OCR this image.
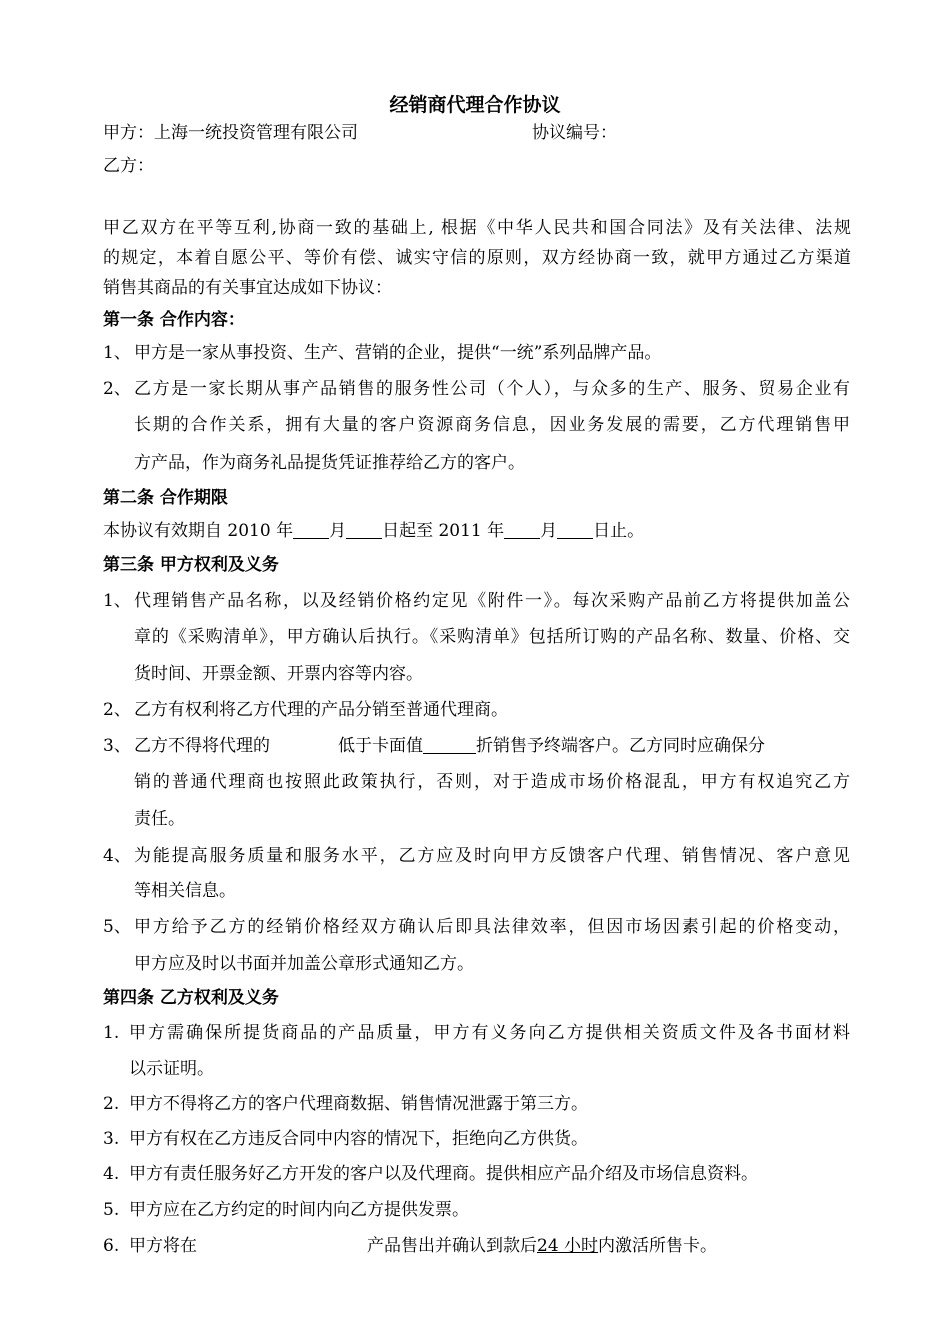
经销商代理合作协议
甲方：上海一统投资管理有限公司	协议编号：
乙方：
甲乙双方在平等互利,协商一致的基础上, 根据《中华人民共和国合同法》及有关法律、法规
的规定，本着自愿公平、等价有偿、诚实守信的原则，双方经协商一致，就甲方通过乙方渠道
销售其商品的有关事宜达成如下协议：
第一条 合作内容：
1、 甲方是一家从事投资、生产、营销的企业，提供“一统”系列品牌产品。
2、 乙方是一家长期从事产品销售的服务性公司（个人），与众多的生产、服务、贸易企业有
长期的合作关系，拥有大量的客户资源商务信息，因业务发展的需要，乙方代理销售甲
方产品，作为商务礼品提货凭证推荐给乙方的客户。
第二条 合作期限
本协议有效期自 2010 年 月 日起至 2011 年 月 日止。
第三条 甲方权利及义务
1、 代理销售产品名称，以及经销价格约定见《附件一》。每次采购产品前乙方将提供加盖公
章的《采购清单》，甲方确认后执行。《采购清单》包括所订购的产品名称、数量、价格、交
货时间、开票金额、开票内容等内容。
2、 乙方有权利将乙方代理的产品分销至普通代理商。
3、 乙方不得将代理的	低于卡面值	折销售予终端客户。乙方同时应确保分
销的普通代理商也按照此政策执行，否则，对于造成市场价格混乱，甲方有权追究乙方
责任。
4、 为能提高服务质量和服务水平，乙方应及时向甲方反馈客户代理、销售情况、客户意见
等相关信息。
5、 甲方给予乙方的经销价格经双方确认后即具法律效率，但因市场因素引起的价格变动，
甲方应及时以书面并加盖公章形式通知乙方。
第四条 乙方权利及义务
1. 甲方需确保所提货商品的产品质量，甲方有义务向乙方提供相关资质文件及各书面材料
以示证明。
2. 甲方不得将乙方的客户代理商数据、销售情况泄露于第三方。
3. 甲方有权在乙方违反合同中内容的情况下，拒绝向乙方供货。
4. 甲方有责任服务好乙方开发的客户以及代理商。提供相应产品介绍及市场信息资料。
5. 甲方应在乙方约定的时间内向乙方提供发票。
6. 甲方将在	产品售出并确认到款后24 小时内激活所售卡。
